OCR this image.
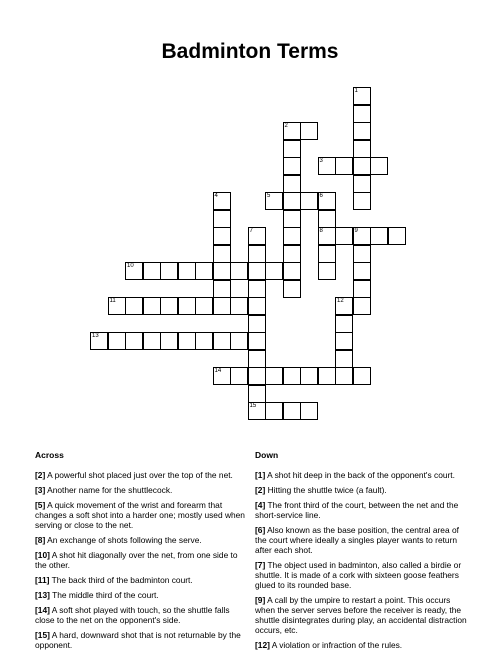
Badminton Terms
1
2
3
4	5	6
8
7	9
10
11	12
13
14
15
Across
[2] A powerful shot placed just over the top of the net.
[3] Another name for the shuttlecock.
[5] A quick movement of the wrist and forearm that changes a soft shot into a harder one; mostly used when serving or close to the net.
[8] An exchange of shots following the serve.
[10] A shot hit diagonally over the net, from one side to the other.
[11] The back third of the badminton court.
[13] The middle third of the court.
[14] A soft shot played with touch, so the shuttle falls close to the net on the opponent's side.
[15] A hard, downward shot that is not returnable by the opponent.
Down
[1] A shot hit deep in the back of the opponent's court.
[2] Hitting the shuttle twice (a fault).
[4] The front third of the court, between the net and the short-service line.
[6] Also known as the base position, the central area of the court where ideally a singles player wants to return after each shot.
[7] The object used in badminton, also called a birdie or shuttle. It is made of a cork with sixteen goose feathers glued to its rounded base.
[9] A call by the umpire to restart a point. This occurs when the server serves before the receiver is ready, the shuttle disintegrates during play, an accidental distraction occurs, etc.
[12] A violation or infraction of the rules.
